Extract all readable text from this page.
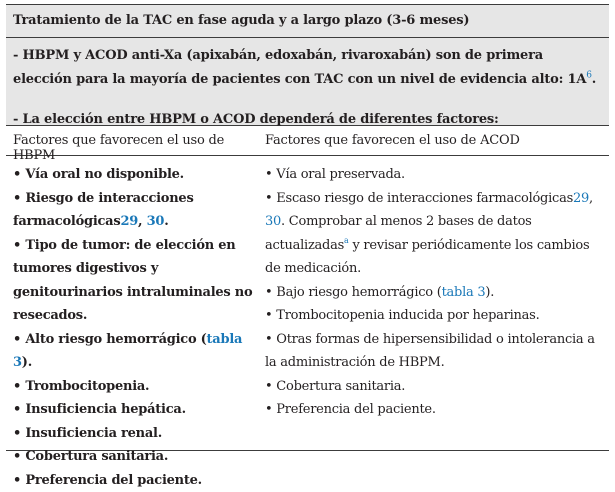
Tratamiento de la TAC en fase aguda y a largo plazo (3-6 meses)

- HBPM y ACOD anti-Xa (apixabán, edoxabán, rivaroxabán) son de primera elección para la mayoría de pacientes con TAC con un nivel de evidencia alto: 1A$^6$.

- La elección entre HBPM o ACOD dependerá de diferentes factores:

Factores que favorecen el uso de HBPM
Factores que favorecen el uso de ACOD
• Vía oral no disponible.
• Riesgo de interacciones farmacológicas29, 30.
• Tipo de tumor: de elección en tumores digestivos y genitourinarios intraluminales no resecados.
• Alto riesgo hemorrágico (tabla 3).
• Trombocitopenia.
• Insuficiencia hepática.
• Insuficiencia renal.
• Cobertura sanitaria.
• Preferencia del paciente.
• Vía oral preservada.
• Escaso riesgo de interacciones farmacológicas29, 30. Comprobar al menos 2 bases de datos actualizadas$^a$ y revisar periódicamente los cambios de medicación.
• Bajo riesgo hemorrágico (tabla 3).
• Trombocitopenia inducida por heparinas.
• Otras formas de hipersensibilidad o intolerancia a la administración de HBPM.
• Cobertura sanitaria.
• Preferencia del paciente.
